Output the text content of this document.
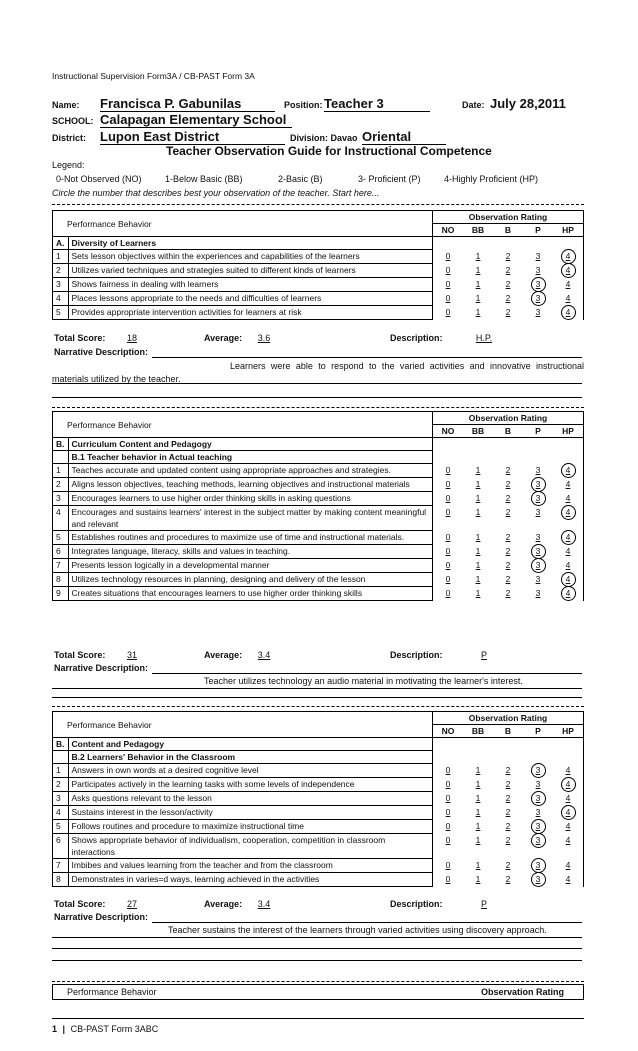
Instructional Supervision Form3A / CB-PAST Form 3A
Name: Francisca P. Gabunilas	Position: Teacher 3	Date: July 28,2011
SCHOOL: Calapagan Elementary School
District: Lupon East District	Division: Davao Oriental
Teacher Observation Guide for Instructional Competence
Legend:
0-Not Observed (NO)	1-Below Basic (BB)	2-Basic (B)	3- Proficient (P)	4-Highly Proficient (HP)
Circle the number that describes best your observation of the teacher. Start here...
Performance Behavior		Observation Rating				
		NO	BB	B	P	HP
A.	Diversity of Learners					
1	Sets lesson objectives within the experiences and capabilities of the learners	0	1	2	3	4
2	Utilizes varied techniques and strategies suited to different kinds of learners	0	1	2	3	4
3	Shows fairness in dealing with learners	0	1	2	3	4
4	Places lessons appropriate to the needs and difficulties of learners	0	1	2	3	4
5	Provides appropriate intervention activities for learners at risk	0	1	2	3	4
Total Score:	18	Average:	3.6	Description:	H.P.
Narrative Description:
Learners were able to respond to the varied activities and innovative instructional materials utilized by the teacher.
Performance Behavior		Observation Rating				
		NO	BB	B	P	HP
B.	Curriculum Content and Pedagogy					
	B.1 Teacher behavior in Actual teaching					
1	Teaches accurate and updated content using appropriate approaches and strategies.	0	1	2	3	4
2	Aligns lesson objectives, teaching methods, learning objectives and instructional materials	0	1	2	3	4
3	Encourages learners to use higher order thinking skills in asking questions	0	1	2	3	4
4	Encourages and sustains learners' interest in the subject matter by making content meaningful and relevant	0	1	2	3	4
5	Establishes routines and procedures to maximize use of time and instructional materials.	0	1	2	3	4
6	Integrates language, literacy, skills and values in teaching.	0	1	2	3	4
7	Presents lesson logically in a developmental manner	0	1	2	3	4
8	Utilizes technology resources in planning, designing and delivery of the lesson	0	1	2	3	4
9	Creates situations that encourages learners to use higher order thinking skills	0	1	2	3	4
Total Score:	31	Average:	3.4	Description:	P
Narrative Description:
Teacher utilizes technology an audio material in motivating the learner's interest.
Performance Behavior		Observation Rating				
		NO	BB	B	P	HP
B.	Content and Pedagogy					
	B.2 Learners' Behavior in the Classroom					
1	Answers in own words at a desired cognitive level	0	1	2	3	4
2	Participates actively in the learning tasks with some levels of independence	0	1	2	3	4
3	Asks questions relevant to the lesson	0	1	2	3	4
4	Sustains interest in the lesson/activity	0	1	2	3	4
5	Follows routines and procedure to maximize instructional time	0	1	2	3	4
6	Shows appropriate behavior of individualism, cooperation, competition in classroom interactions	0	1	2	3	4
7	Imbibes and values learning from the teacher and from the classroom	0	1	2	3	4
8	Demonstrates in varies=d ways, learning achieved in the activities	0	1	2	3	4
Total Score:	27	Average:	3.4	Description:	P
Narrative Description:
Teacher sustains the interest of the learners through varied activities using discovery approach.
Performance Behavior	Observation Rating
1 | CB-PAST Form 3ABC
